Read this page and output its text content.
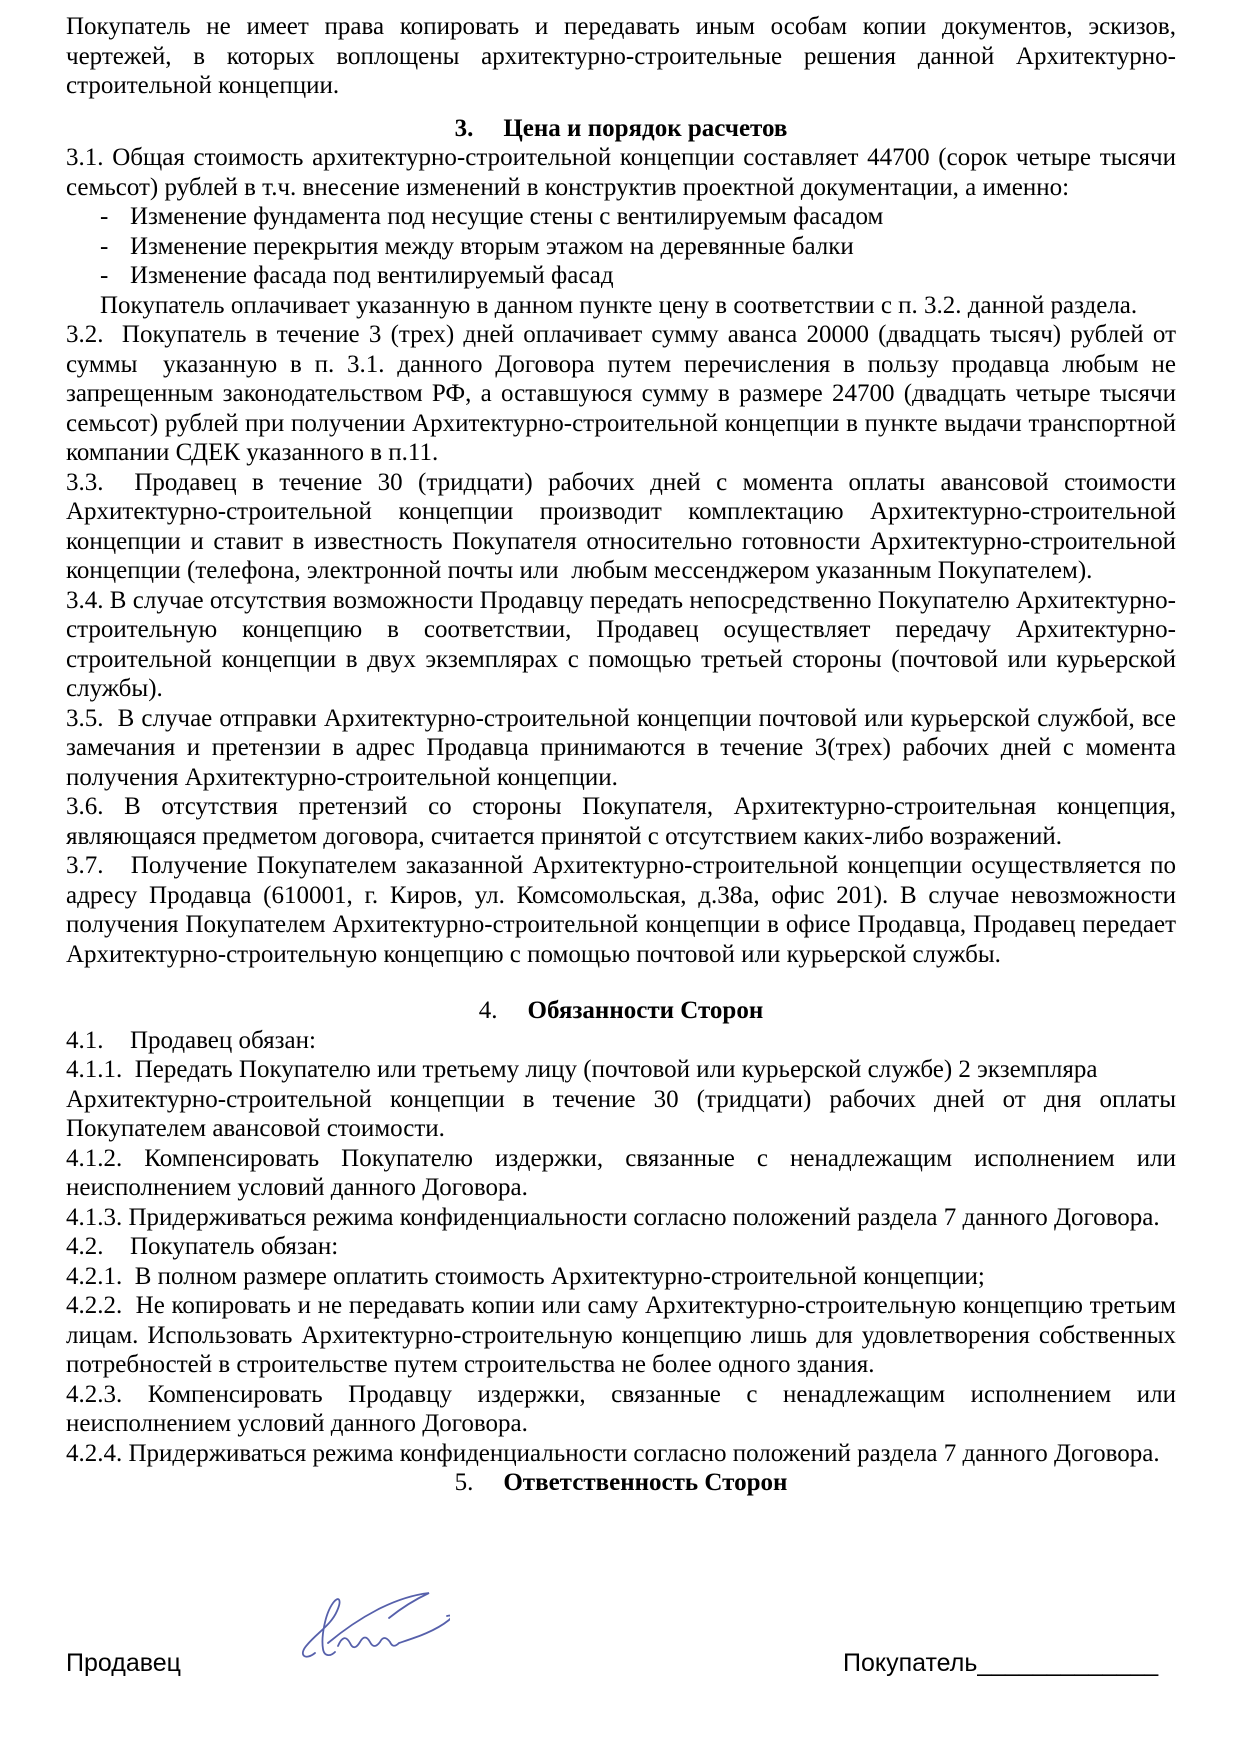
Покупатель не имеет права копировать и передавать иным особам копии документов, эскизов, чертежей, в которых воплощены архитектурно-строительные решения данной Архитектурно-строительной концепции.

3. Цена и порядок расчетов

3.1. Общая стоимость архитектурно-строительной концепции составляет 44700 (сорок четыре тысячи семьсот) рублей в т.ч. внесение изменений в конструктив проектной документации, а именно:

- Изменение фундамента под несущие стены с вентилируемым фасадом

- Изменение перекрытия между вторым этажом на деревянные балки

- Изменение фасада под вентилируемый фасад

Покупатель оплачивает указанную в данном пункте цену в соответствии с п. 3.2. данной раздела.

3.2.  Покупатель в течение 3 (трех) дней оплачивает сумму аванса 20000 (двадцать тысяч) рублей от суммы  указанную в п. 3.1. данного Договора путем перечисления в пользу продавца любым не запрещенным законодательством РФ, а оставшуюся сумму в размере 24700 (двадцать четыре тысячи семьсот) рублей при получении Архитектурно-строительной концепции в пункте выдачи транспортной компании СДЕК указанного в п.11.

3.3.  Продавец в течение 30 (тридцати) рабочих дней с момента оплаты авансовой стоимости Архитектурно-строительной концепции производит комплектацию Архитектурно-строительной концепции и ставит в известность Покупателя относительно готовности Архитектурно-строительной концепции (телефона, электронной почты или  любым мессенджером указанным Покупателем).

3.4. В случае отсутствия возможности Продавцу передать непосредственно Покупателю Архитектурно-строительную концепцию в соответствии, Продавец осуществляет передачу Архитектурно-строительной концепции в двух экземплярах с помощью третьей стороны (почтовой или курьерской службы).

3.5.  В случае отправки Архитектурно-строительной концепции почтовой или курьерской службой, все замечания и претензии в адрес Продавца принимаются в течение 3(трех) рабочих дней с момента получения Архитектурно-строительной концепции.

3.6. В отсутствия претензий со стороны Покупателя, Архитектурно-строительная концепция, являющаяся предметом договора, считается принятой с отсутствием каких-либо возражений.

3.7.   Получение Покупателем заказанной Архитектурно-строительной концепции осуществляется по адресу Продавца (610001, г. Киров, ул. Комсомольская, д.38а, офис 201). В случае невозможности получения Покупателем Архитектурно-строительной концепции в офисе Продавца, Продавец передает Архитектурно-строительную концепцию с помощью почтовой или курьерской службы.

4. Обязанности Сторон

4.1. Продавец обязан:

4.1.1.  Передать Покупателю или третьему лицу (почтовой или курьерской службе) 2 экземпляра

Архитектурно-строительной концепции в течение 30 (тридцати) рабочих дней от дня оплаты Покупателем авансовой стоимости.

4.1.2. Компенсировать Покупателю издержки, связанные с ненадлежащим исполнением или неисполнением условий данного Договора.

4.1.3. Придерживаться режима конфиденциальности согласно положений раздела 7 данного Договора.

4.2. Покупатель обязан:

4.2.1.  В полном размере оплатить стоимость Архитектурно-строительной концепции;

4.2.2.  Не копировать и не передавать копии или саму Архитектурно-строительную концепцию третьим лицам. Использовать Архитектурно-строительную концепцию лишь для удовлетворения собственных потребностей в строительстве путем строительства не более одного здания.

4.2.3. Компенсировать Продавцу издержки, связанные с ненадлежащим исполнением или неисполнением условий данного Договора.

4.2.4. Придерживаться режима конфиденциальности согласно положений раздела 7 данного Договора.

5. Ответственность Сторон

Продавец	Покупатель_____________
